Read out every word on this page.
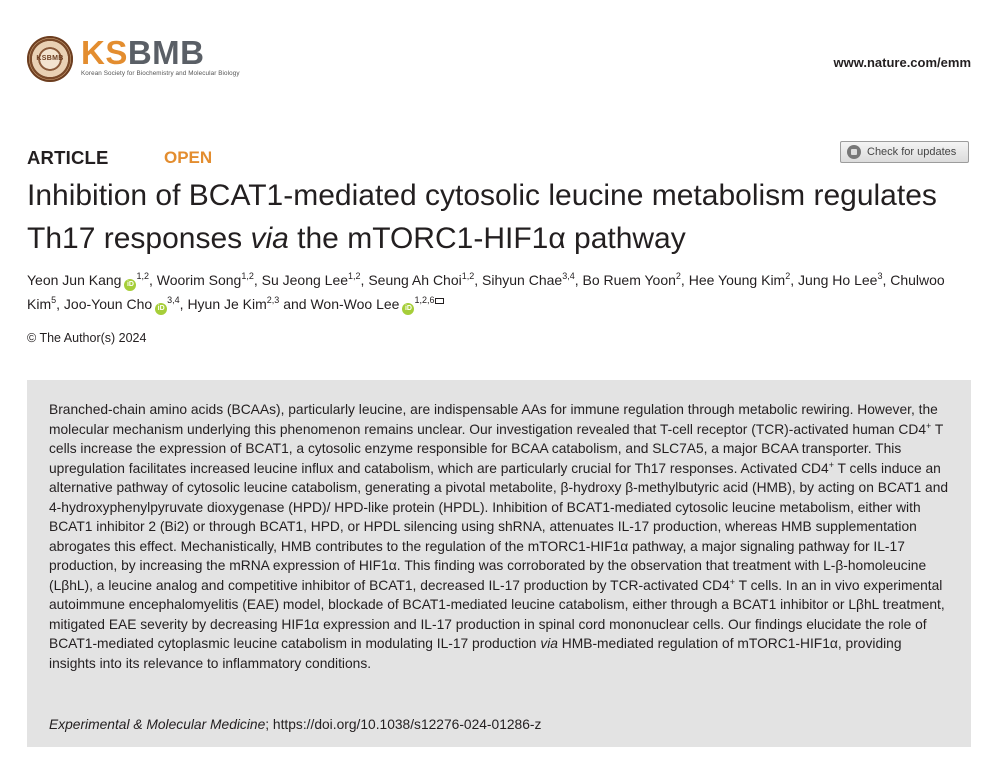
KSBMB KSBMB
Korean Society for Biochemistry and Molecular Biology
www.nature.com/emm
ARTICLE	OPEN	Check for updates
Inhibition of BCAT1-mediated cytosolic leucine metabolism regulates Th17 responses via the mTORC1-HIF1α pathway
Yeon Jun Kang iD$^{1,2}$, Woorim Song$^{1,2}$, Su Jeong Lee$^{1,2}$, Seung Ah Choi$^{1,2}$, Sihyun Chae$^{3,4}$, Bo Ruem Yoon$^2$, Hee Young Kim$^2$, Jung Ho Lee$^3$, Chulwoo Kim$^5$, Joo-Youn Cho iD$^{3,4}$, Hyun Je Kim$^{2,3}$ and Won-Woo Lee iD$^{1,2,6}$
© The Author(s) 2024

Branched-chain amino acids (BCAAs), particularly leucine, are indispensable AAs for immune regulation through metabolic rewiring. However, the molecular mechanism underlying this phenomenon remains unclear. Our investigation revealed that T-cell receptor (TCR)-activated human CD4+ T cells increase the expression of BCAT1, a cytosolic enzyme responsible for BCAA catabolism, and SLC7A5, a major BCAA transporter. This upregulation facilitates increased leucine influx and catabolism, which are particularly crucial for Th17 responses. Activated CD4+ T cells induce an alternative pathway of cytosolic leucine catabolism, generating a pivotal metabolite, β-hydroxy β-methylbutyric acid (HMB), by acting on BCAT1 and 4-hydroxyphenylpyruvate dioxygenase (HPD)/ HPD-like protein (HPDL). Inhibition of BCAT1-mediated cytosolic leucine metabolism, either with BCAT1 inhibitor 2 (Bi2) or through BCAT1, HPD, or HPDL silencing using shRNA, attenuates IL-17 production, whereas HMB supplementation abrogates this effect. Mechanistically, HMB contributes to the regulation of the mTORC1-HIF1α pathway, a major signaling pathway for IL-17 production, by increasing the mRNA expression of HIF1α. This finding was corroborated by the observation that treatment with L-β-homoleucine (LβhL), a leucine analog and competitive inhibitor of BCAT1, decreased IL-17 production by TCR-activated CD4+ T cells. In an in vivo experimental autoimmune encephalomyelitis (EAE) model, blockade of BCAT1-mediated leucine catabolism, either through a BCAT1 inhibitor or LβhL treatment, mitigated EAE severity by decreasing HIF1α expression and IL-17 production in spinal cord mononuclear cells. Our findings elucidate the role of BCAT1-mediated cytoplasmic leucine catabolism in modulating IL-17 production via HMB-mediated regulation of mTORC1-HIF1α, providing insights into its relevance to inflammatory conditions.

Experimental & Molecular Medicine; https://doi.org/10.1038/s12276-024-01286-z
